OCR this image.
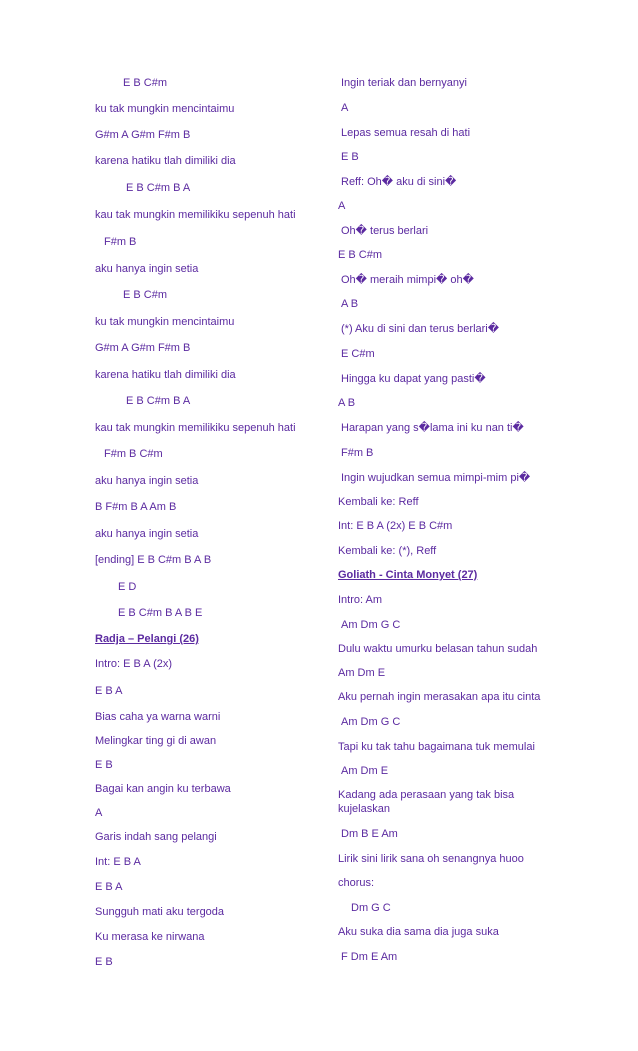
E B C#m
ku tak mungkin mencintaimu
G#m A G#m F#m B
karena hatiku tlah dimiliki dia
E B C#m B A
kau tak mungkin memilikiku sepenuh hati
F#m B
aku hanya ingin setia
E B C#m
ku tak mungkin mencintaimu
G#m A G#m F#m B
karena hatiku tlah dimiliki dia
E B C#m B A
kau tak mungkin memilikiku sepenuh hati
F#m B C#m
aku hanya ingin setia
B F#m B A Am B
aku hanya ingin setia
[ending] E B C#m B A B
E D
E B C#m B A B E
Radja – Pelangi (26)
Intro: E B A (2x)
E B A
Bias caha ya warna warni
Melingkar ting gi di awan
E B
Bagai kan angin ku terbawa
A
Garis indah sang pelangi
Int: E B A
E B A
Sungguh mati aku tergoda
Ku merasa ke nirwana
E B
Ingin teriak dan bernyanyi
A
Lepas semua resah di hati
E B
Reff: Oh� aku di sini�
A
Oh� terus berlari
E B C#m
Oh� meraih mimpi� oh�
A B
(*) Aku di sini dan terus berlari�
E C#m
Hingga ku dapat yang pasti�
A B
Harapan yang s�lama ini ku nan ti�
F#m B
Ingin wujudkan semua mimpi-mim pi�
Kembali ke: Reff
Int: E B A (2x) E B C#m
Kembali ke: (*), Reff
Goliath - Cinta Monyet (27)
Intro: Am
Am Dm G C
Dulu waktu umurku belasan tahun sudah
Am Dm E
Aku pernah ingin merasakan apa itu cinta
Am Dm G C
Tapi ku tak tahu bagaimana tuk memulai
Am Dm E
Kadang ada perasaan yang tak bisa kujelaskan
Dm B E Am
Lirik sini lirik sana oh senangnya huoo
chorus:
Dm G C
Aku suka dia sama dia juga suka
F Dm E Am
